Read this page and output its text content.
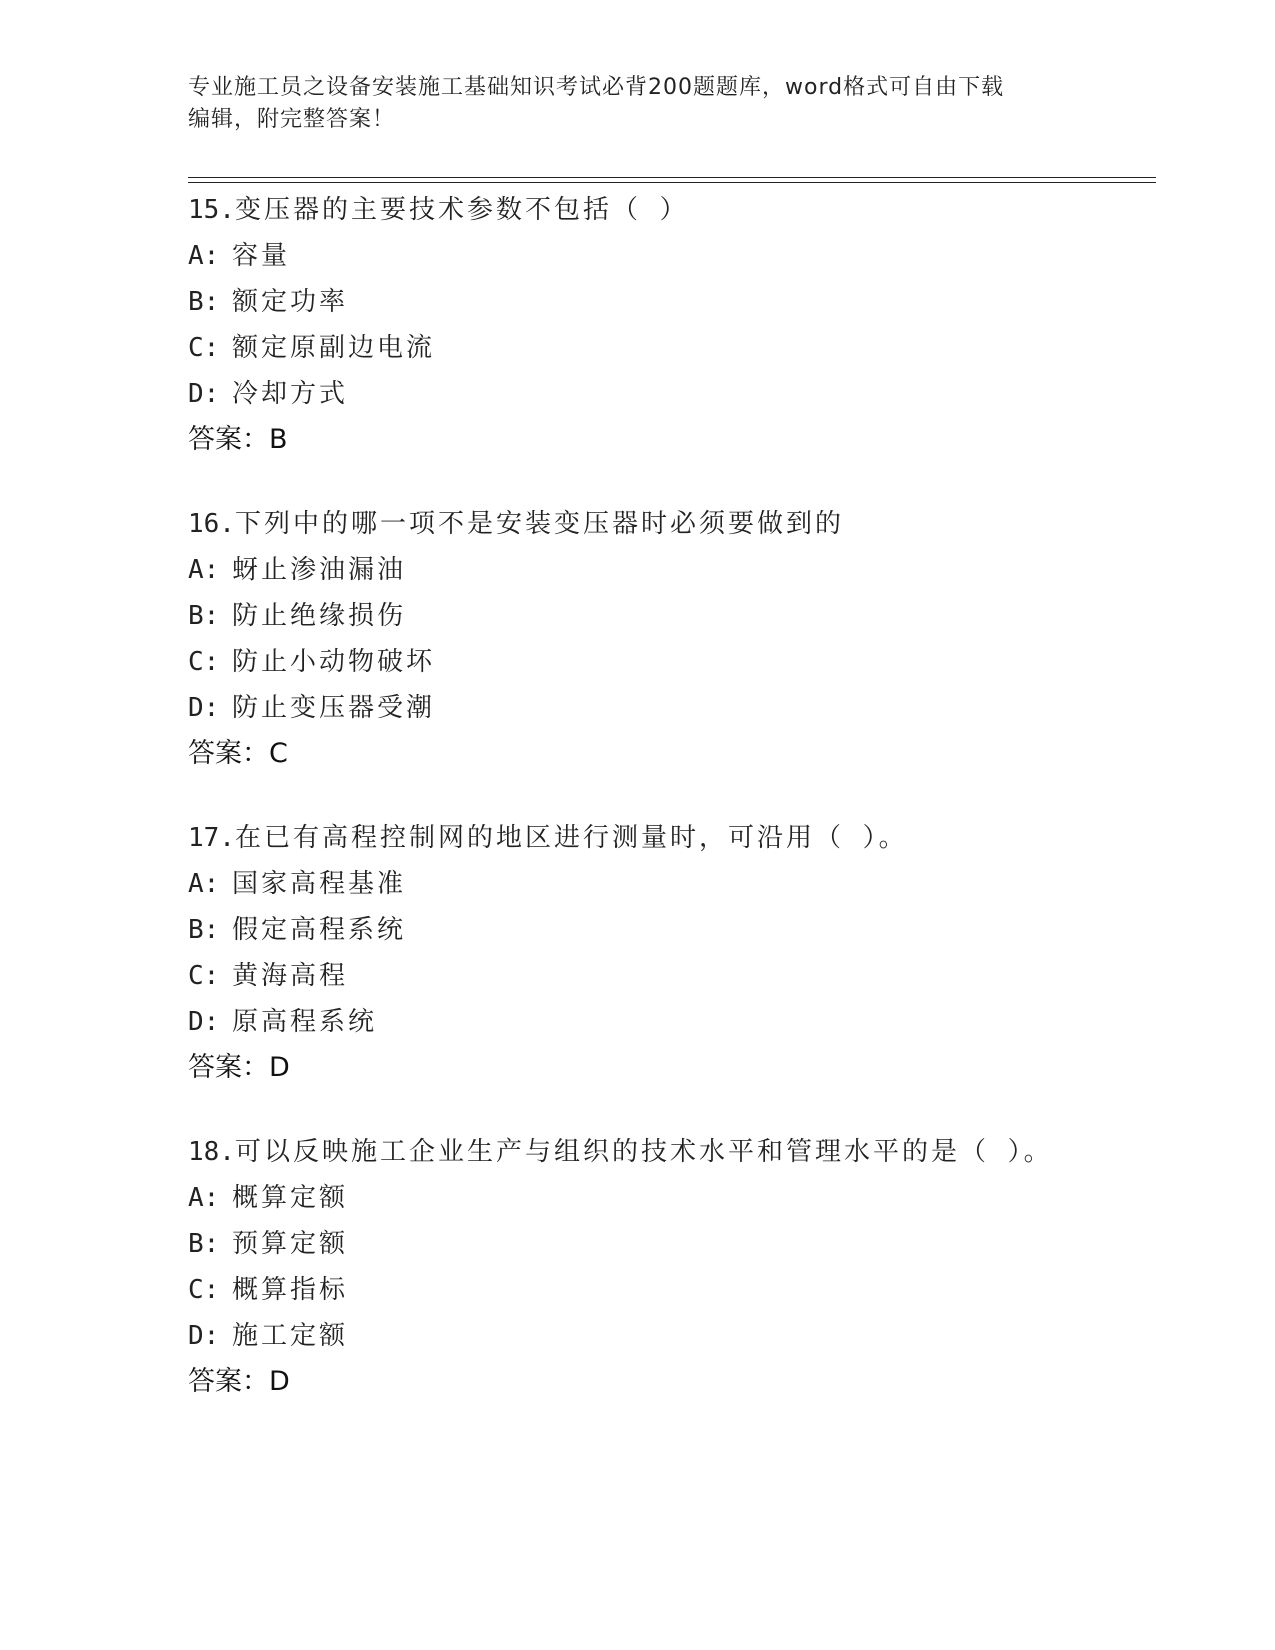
专业施工员之设备安装施工基础知识考试必背200题题库，word格式可自由下载
编辑，附完整答案！
15.变压器的主要技术参数不包括（ ）
A: 容量
B: 额定功率
C: 额定原副边电流
D: 冷却方式
答案：B
16.下列中的哪一项不是安装变压器时必须要做到的
A: 蚜止渗油漏油
B: 防止绝缘损伤
C: 防止小动物破坏
D: 防止变压器受潮
答案：C
17.在已有高程控制网的地区进行测量时，可沿用（ ）。
A: 国家高程基准
B: 假定高程系统
C: 黄海高程
D: 原高程系统
答案：D
18.可以反映施工企业生产与组织的技术水平和管理水平的是（ ）。
A: 概算定额
B: 预算定额
C: 概算指标
D: 施工定额
答案：D
